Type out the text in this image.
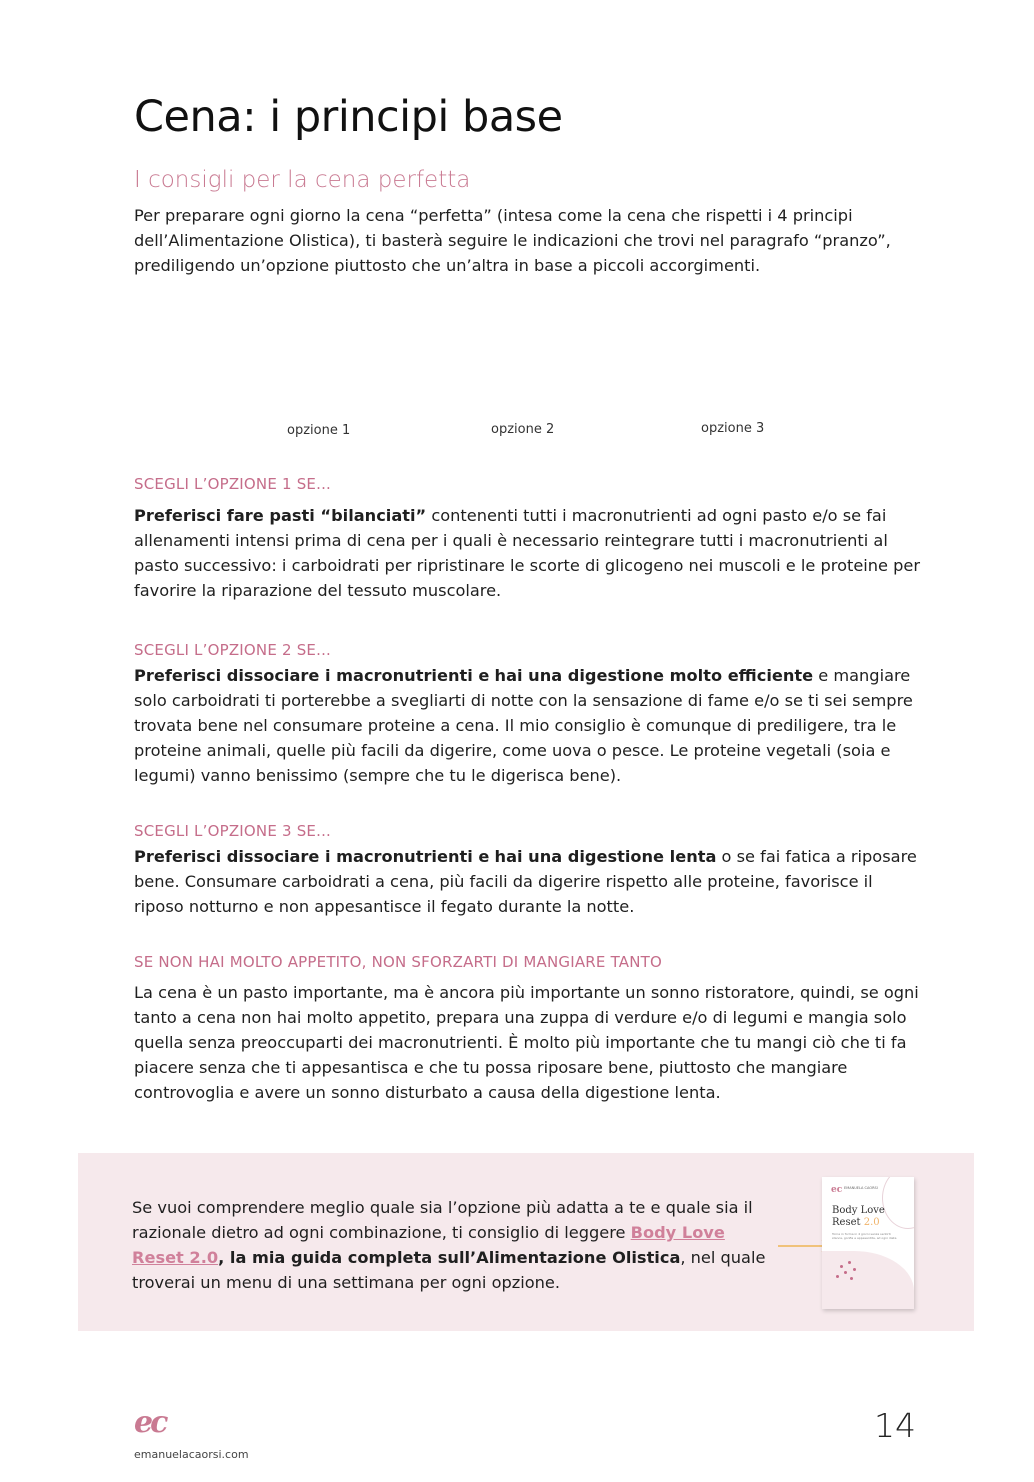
Cena: i principi base
I consigli per la cena perfetta

Per preparare ogni giorno la cena “perfetta” (intesa come la cena che rispetti i 4 principi dell’Alimentazione Olistica), ti basterà seguire le indicazioni che trovi nel paragrafo “pranzo”, prediligendo un’opzione piuttosto che un’altra in base a piccoli accorgimenti.

opzione 1	opzione 2	opzione 3
SCEGLI L’OPZIONE 1 SE...

Preferisci fare pasti “bilanciati” contenenti tutti i macronutrienti ad ogni pasto e/o se fai allenamenti intensi prima di cena per i quali è necessario reintegrare tutti i macronutrienti al pasto successivo: i carboidrati per ripristinare le scorte di glicogeno nei muscoli e le proteine per favorire la riparazione del tessuto muscolare.

SCEGLI L’OPZIONE 2 SE...

Preferisci dissociare i macronutrienti e hai una digestione molto efficiente e mangiare solo carboidrati ti porterebbe a svegliarti di notte con la sensazione di fame e/o se ti sei sempre trovata bene nel consumare proteine a cena. Il mio consiglio è comunque di prediligere, tra le proteine animali, quelle più facili da digerire, come uova o pesce. Le proteine vegetali (soia e legumi) vanno benissimo (sempre che tu le digerisca bene).

SCEGLI L’OPZIONE 3 SE...

Preferisci dissociare i macronutrienti e hai una digestione lenta o se fai fatica a riposare bene. Consumare carboidrati a cena, più facili da digerire rispetto alle proteine, favorisce il riposo notturno e non appesantisce il fegato durante la notte.

SE NON HAI MOLTO APPETITO, NON SFORZARTI DI MANGIARE TANTO

La cena è un pasto importante, ma è ancora più importante un sonno ristoratore, quindi, se ogni tanto a cena non hai molto appetito, prepara una zuppa di verdure e/o di legumi e mangia solo quella senza preoccuparti dei macronutrienti. È molto più importante che tu mangi ciò che ti fa piacere senza che ti appesantisca e che tu possa riposare bene, piuttosto che mangiare controvoglia e avere un sonno disturbato a causa della digestione lenta.

Se vuoi comprendere meglio quale sia l’opzione più adatta a te e quale sia il razionale dietro ad ogni combinazione, ti consiglio di leggere Body Love Reset 2.0, la mia guida completa sull’Alimentazione Olistica, nel quale troverai un menu di una settimana per ogni opzione.

ec EMANUELA CAORSI
Body Love
Reset 2.0
Torna in forma in 4 giorni senza sentirti stanca, gonfia e appesantita, ad ogni dieta
ec
emanuelacaorsi.com
14
